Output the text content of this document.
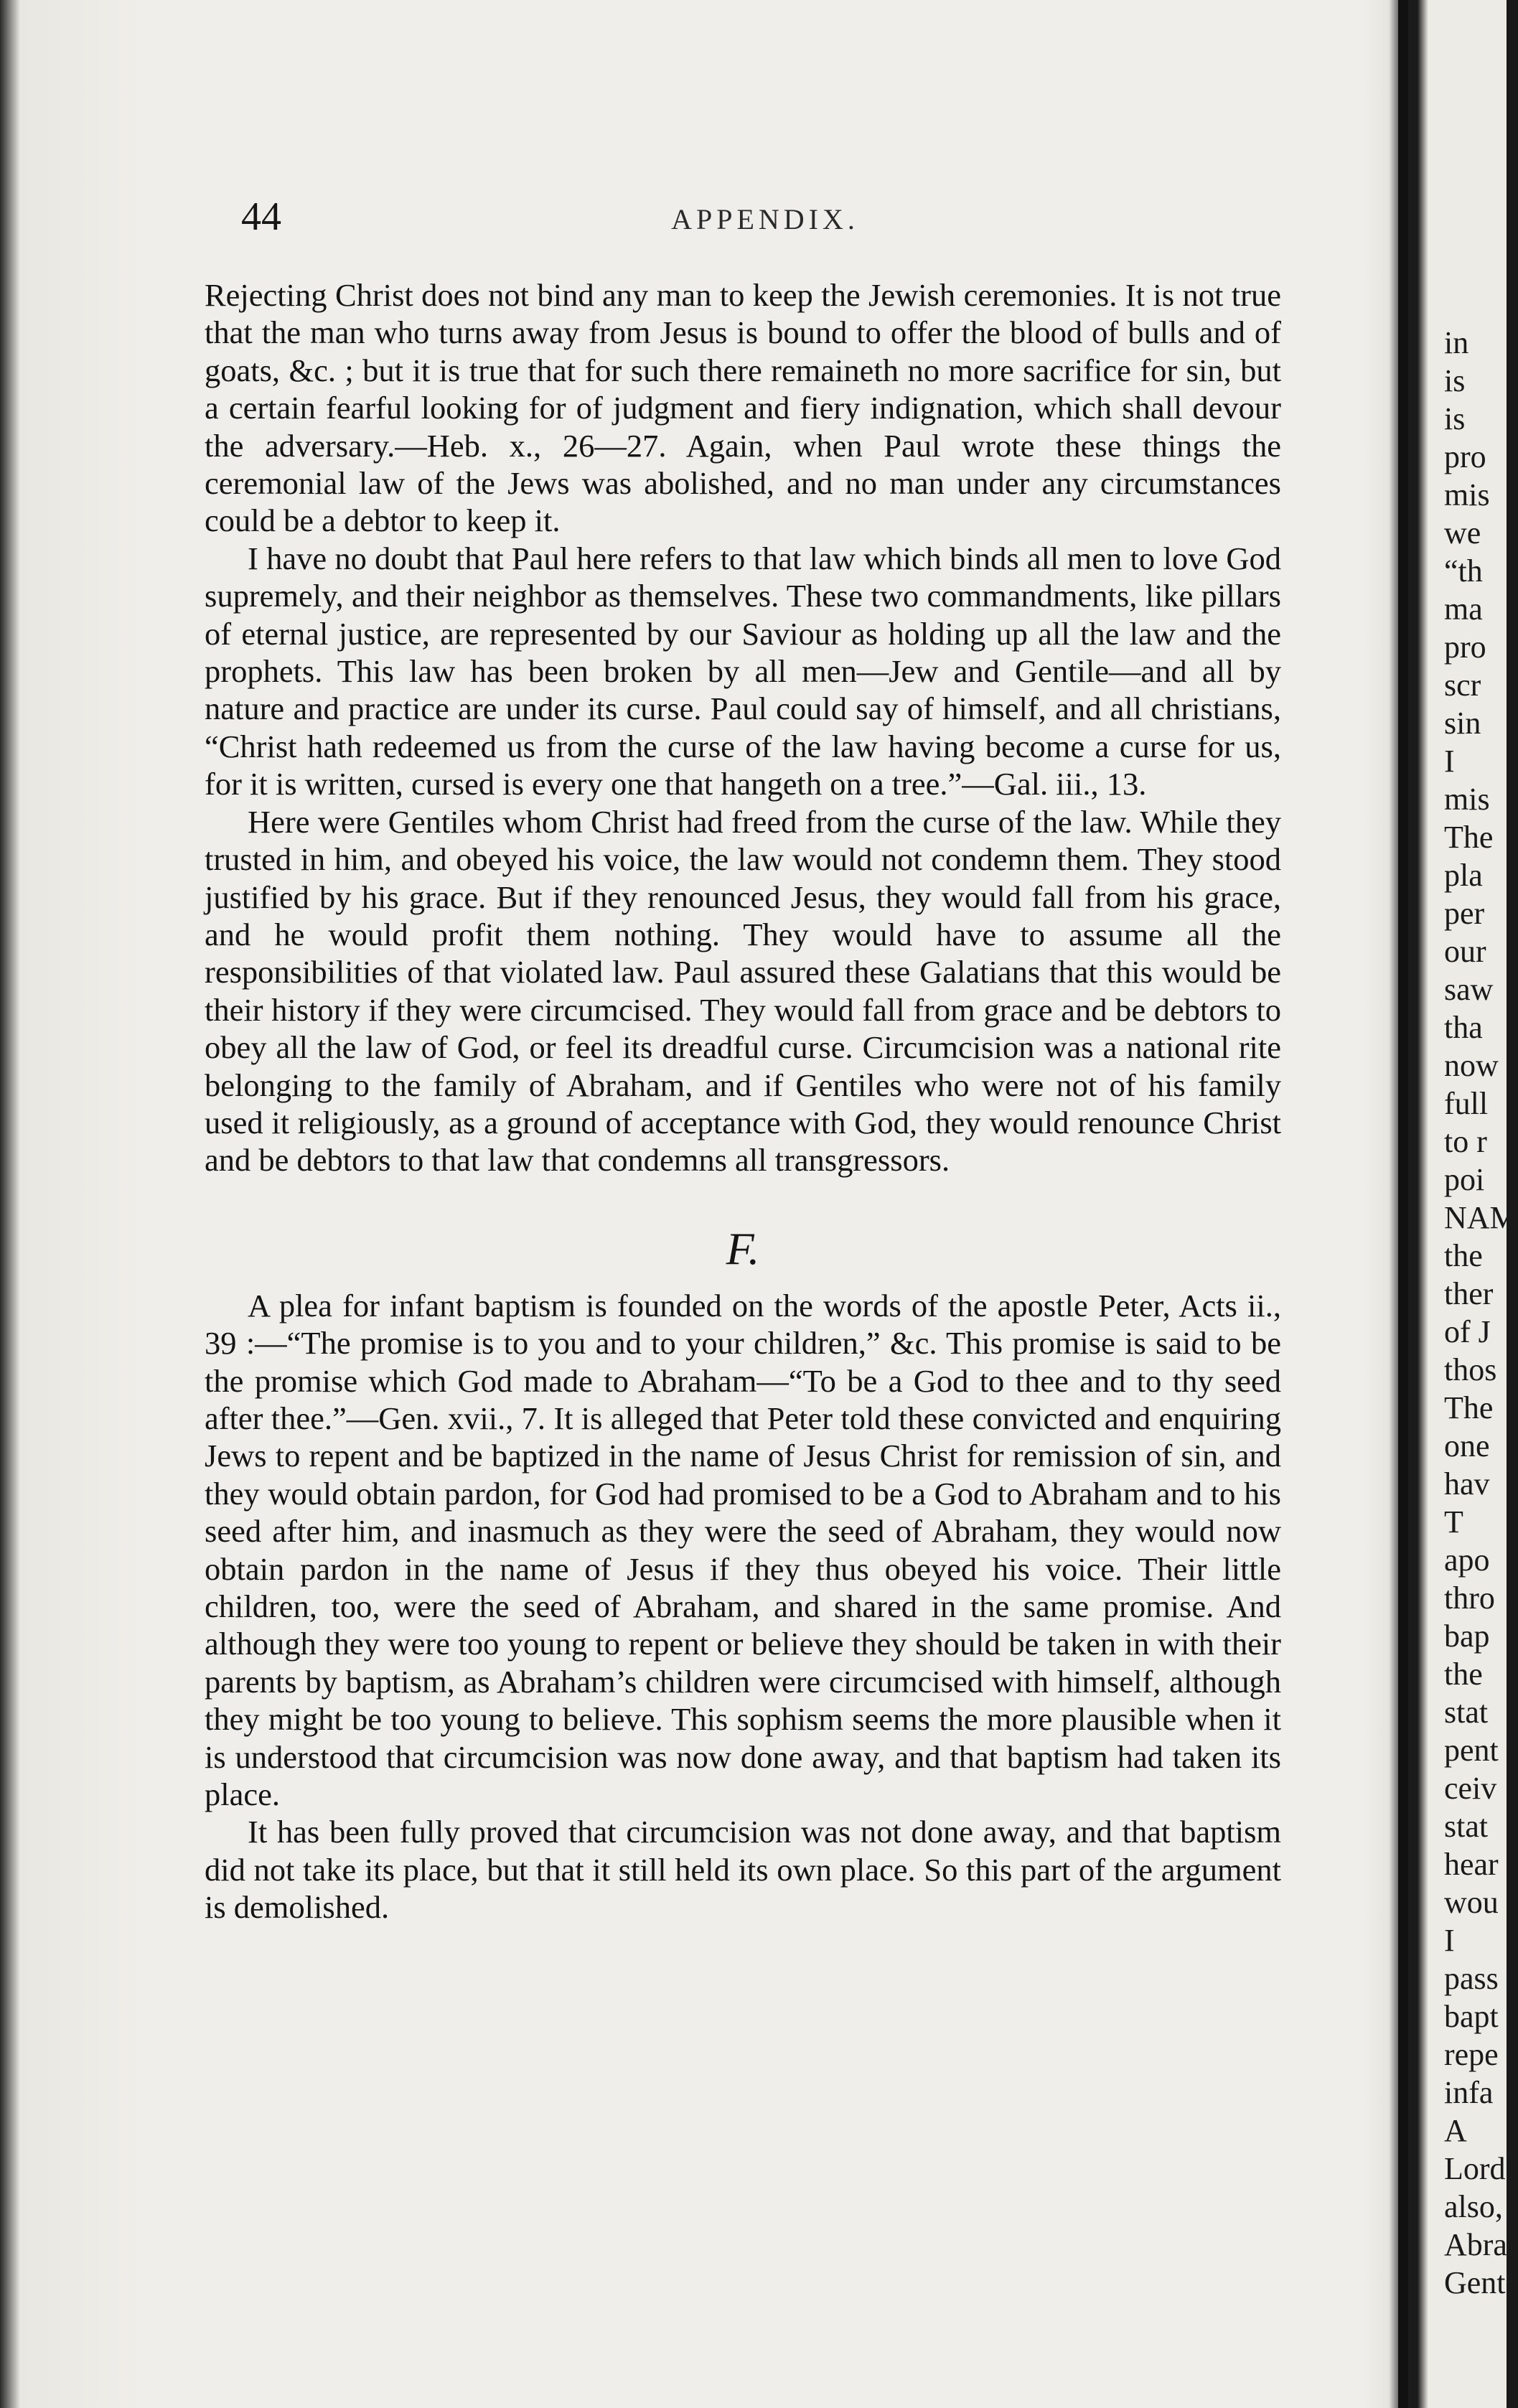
44	APPENDIX.

Rejecting Christ does not bind any man to keep the Jewish ceremonies. It is not true that the man who turns away from Jesus is bound to offer the blood of bulls and of goats, &c. ; but it is true that for such there remaineth no more sacrifice for sin, but a certain fearful looking for of judgment and fiery indignation, which shall devour the adversary.—Heb. x., 26—27. Again, when Paul wrote these things the ceremonial law of the Jews was abolished, and no man under any circumstances could be a debtor to keep it.

I have no doubt that Paul here refers to that law which binds all men to love God supremely, and their neighbor as themselves. These two commandments, like pillars of eternal justice, are represented by our Saviour as holding up all the law and the prophets. This law has been broken by all men—Jew and Gentile—and all by nature and practice are under its curse. Paul could say of himself, and all christians, “Christ hath redeemed us from the curse of the law having become a curse for us, for it is written, cursed is every one that hangeth on a tree.”—Gal. iii., 13.

Here were Gentiles whom Christ had freed from the curse of the law. While they trusted in him, and obeyed his voice, the law would not condemn them. They stood justified by his grace. But if they renounced Jesus, they would fall from his grace, and he would profit them nothing. They would have to assume all the responsibilities of that violated law. Paul assured these Galatians that this would be their history if they were circumcised. They would fall from grace and be debtors to obey all the law of God, or feel its dreadful curse. Circumcision was a national rite belonging to the family of Abraham, and if Gentiles who were not of his family used it religiously, as a ground of acceptance with God, they would renounce Christ and be debtors to that law that condemns all transgressors.

F.

A plea for infant baptism is founded on the words of the apostle Peter, Acts ii., 39 :—“The promise is to you and to your children,” &c. This promise is said to be the promise which God made to Abraham—“To be a God to thee and to thy seed after thee.”—Gen. xvii., 7. It is alleged that Peter told these convicted and enquiring Jews to repent and be baptized in the name of Jesus Christ for remission of sin, and they would obtain pardon, for God had promised to be a God to Abraham and to his seed after him, and inasmuch as they were the seed of Abraham, they would now obtain pardon in the name of Jesus if they thus obeyed his voice. Their little children, too, were the seed of Abraham, and shared in the same promise. And although they were too young to repent or believe they should be taken in with their parents by baptism, as Abraham’s children were circumcised with himself, although they might be too young to believe. This sophism seems the more plausible when it is understood that circumcision was now done away, and that baptism had taken its place.

It has been fully proved that circumcision was not done away, and that baptism did not take its place, but that it still held its own place. So this part of the argument is demolished.

in
is
is
pro
mis
we
“th
ma
pro
scr
sin
I
mis
The
pla
per
our
saw
tha
now
full
to r
poi
NAM
the
ther
of J
thos
The
one
hav
T
apo
thro
bap
the
stat
pent
ceiv
stat
hear
wou
I
pass
bapt
repe
infa
A
Lord
also,
Abra
Gent
